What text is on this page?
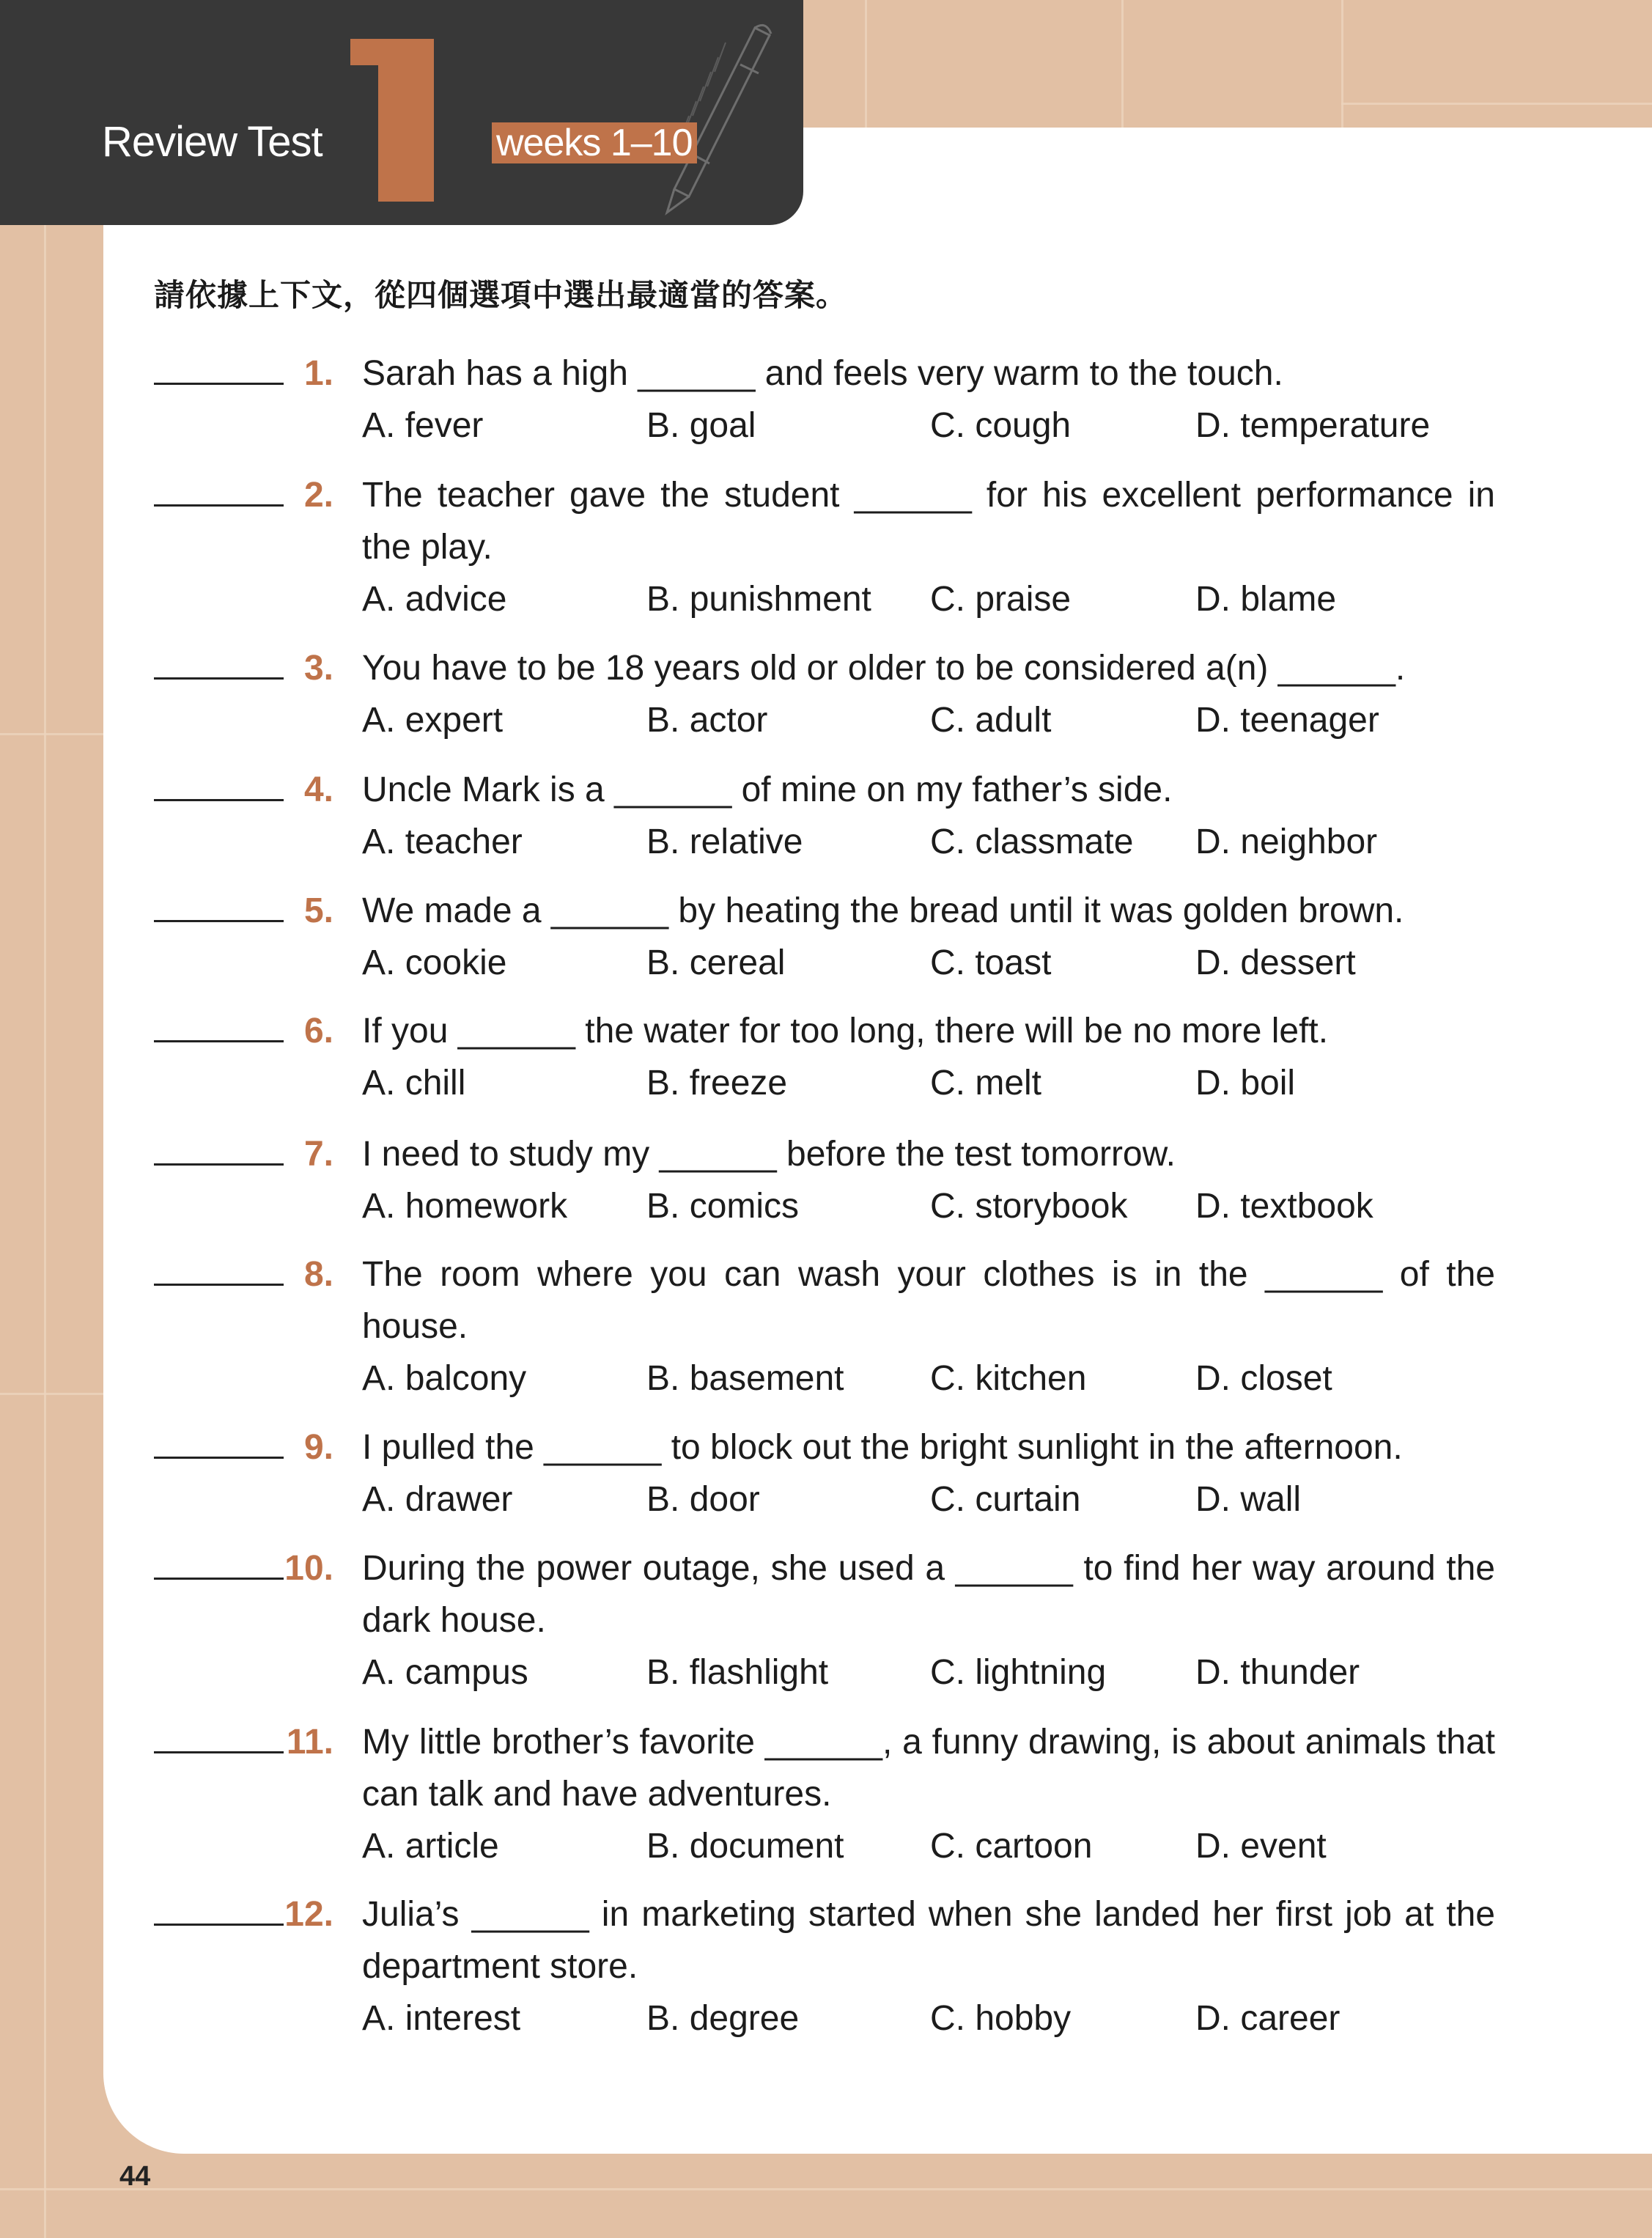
Review Test	weeks 1–10
請依據上下文，從四個選項中選出最適當的答案。
1. Sarah has a high ______ and feels very warm to the touch.
A. fever	B. goal	C. cough	D. temperature
2. The teacher gave the student ______ for his excellent performance in the play.
A. advice	B. punishment C. praise	D. blame
3. You have to be 18 years old or older to be considered a(n) ______.
A. expert	B. actor	C. adult	D. teenager
4. Uncle Mark is a ______ of mine on my father’s side.
A. teacher	B. relative	C. classmate D. neighbor
5. We made a ______ by heating the bread until it was golden brown.
A. cookie	B. cereal	C. toast	D. dessert
6. If you ______ the water for too long, there will be no more left.
A. chill	B. freeze	C. melt	D. boil
7. I need to study my ______ before the test tomorrow.
A. homework B. comics	C. storybook D. textbook
8. The room where you can wash your clothes is in the ______ of the house.
A. balcony	B. basement C. kitchen	D. closet
9. I pulled the ______ to block out the bright sunlight in the afternoon.
A. drawer	B. door	C. curtain	D. wall
10. During the power outage, she used a ______ to find her way around the dark house.
A. campus	B. flashlight	C. lightning	D. thunder
11. My little brother’s favorite ______, a funny drawing, is about animals that can talk and have adventures.
A. article	B. document C. cartoon	D. event
12. Julia’s ______ in marketing started when she landed her first job at the department store.
A. interest	B. degree	C. hobby	D. career
44
